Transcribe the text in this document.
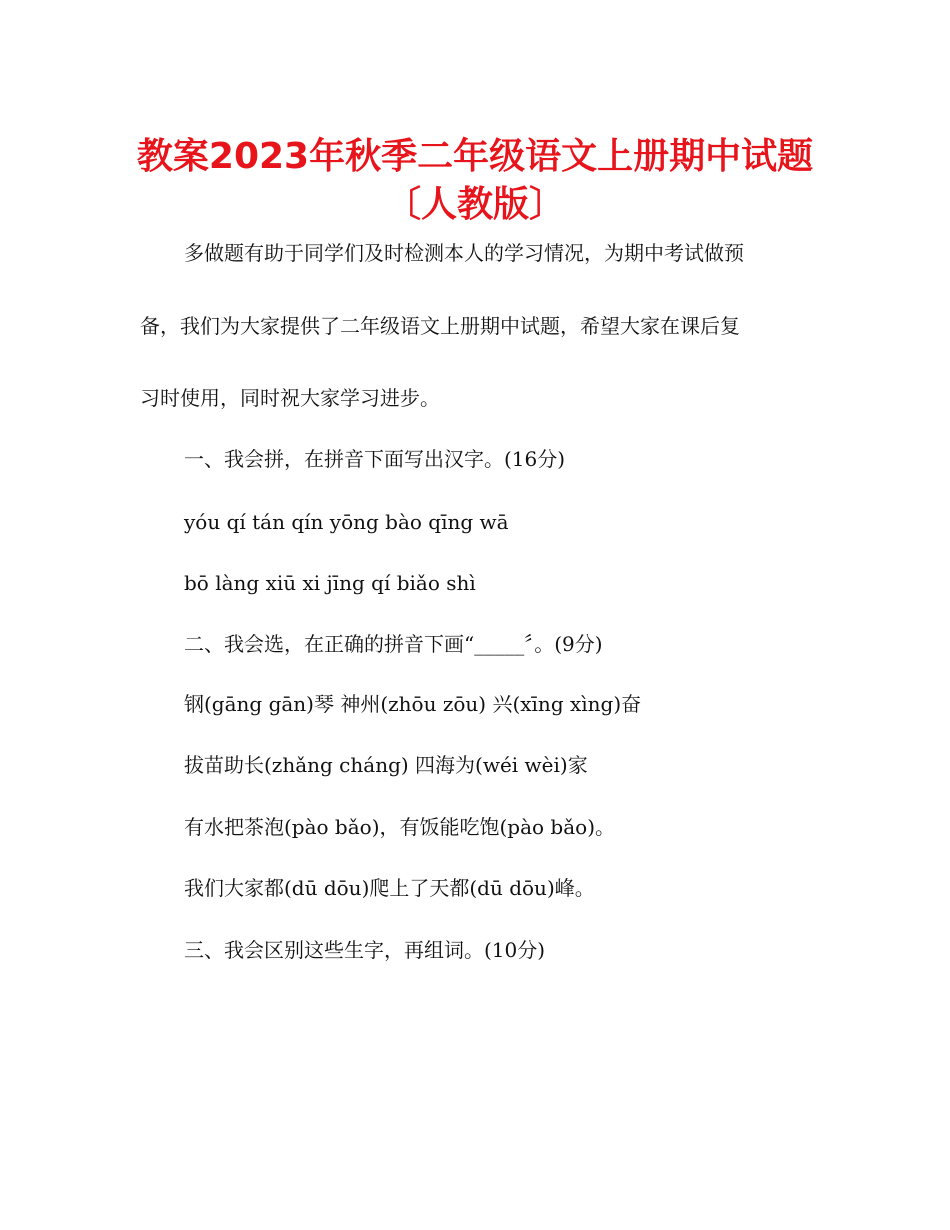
教案2023年秋季二年级语文上册期中试题
〔人教版〕

多做题有助于同学们及时检测本人的学习情况，为期中考试做预

备，我们为大家提供了二年级语文上册期中试题，希望大家在课后复

习时使用，同时祝大家学习进步。

一、我会拼，在拼音下面写出汉字。(16分)

yóu qí tán qín yōng bào qīng wā

bō làng xiū xi jīng qí biǎo shì

二、我会选，在正确的拼音下画“_____〞。(9分)

钢(gāng gān)琴 神州(zhōu zōu) 兴(xīng xìng)奋

拔苗助长(zhǎng cháng) 四海为(wéi wèi)家

有水把茶泡(pào bǎo)，有饭能吃饱(pào bǎo)。

我们大家都(dū dōu)爬上了天都(dū dōu)峰。

三、我会区别这些生字，再组词。(10分)
